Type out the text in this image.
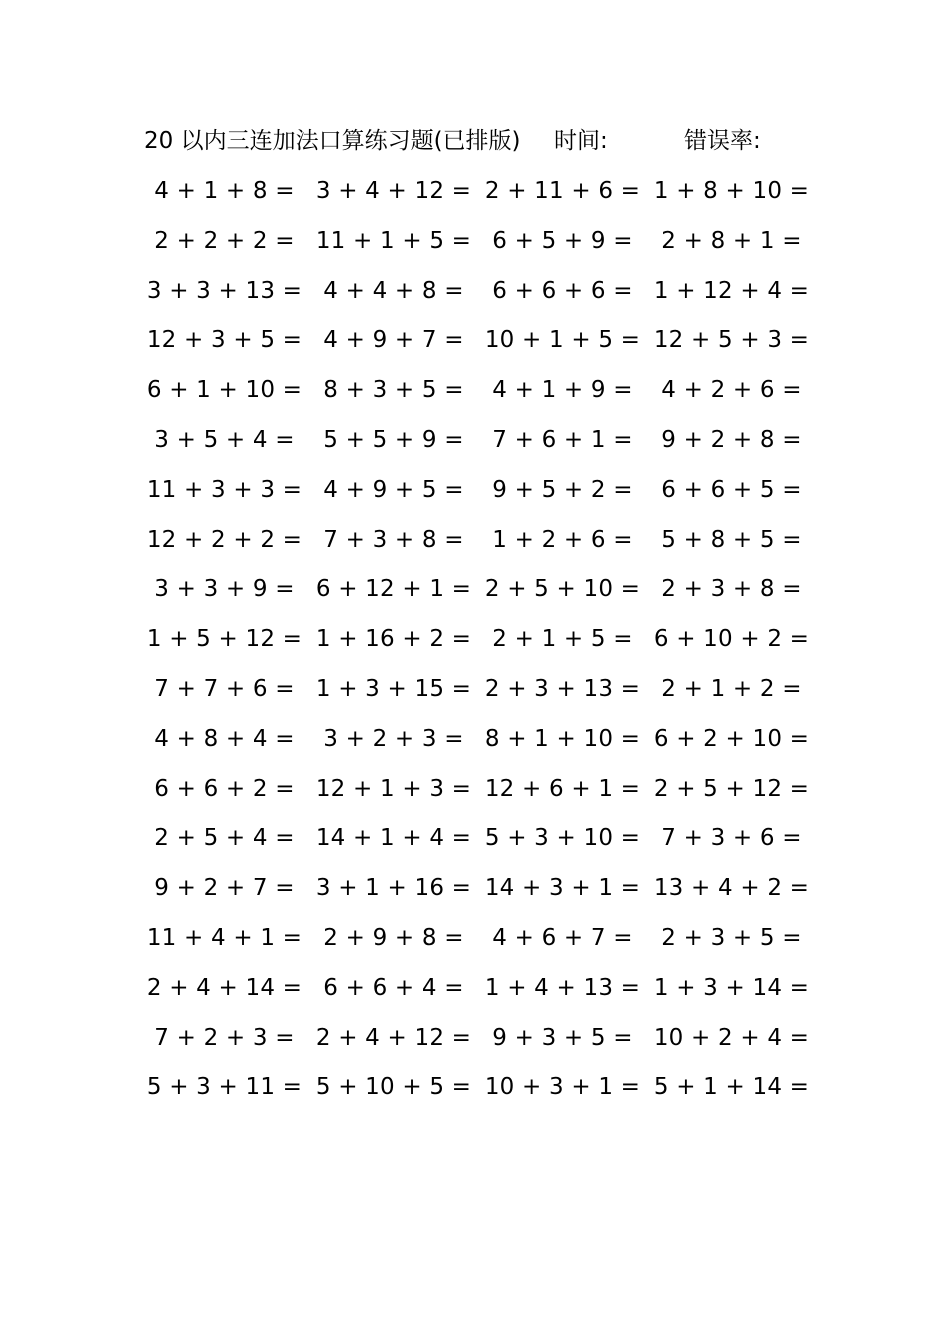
20 以内三连加法口算练习题(已排版) 时间:	错误率:
4 + 1 + 8 = 3 + 4 + 12 = 2 + 11 + 6 = 1 + 8 + 10 =
2 + 2 + 2 = 11 + 1 + 5 = 6 + 5 + 9 =	2 + 8 + 1 =
3 + 3 + 13 = 4 + 4 + 8 =	6 + 6 + 6 = 1 + 12 + 4 =
12 + 3 + 5 = 4 + 9 + 7 = 10 + 1 + 5 = 12 + 5 + 3 =
6 + 1 + 10 = 8 + 3 + 5 =	4 + 1 + 9 =	4 + 2 + 6 =
3 + 5 + 4 =	5 + 5 + 9 =	7 + 6 + 1 =	9 + 2 + 8 =
11 + 3 + 3 = 4 + 9 + 5 =	9 + 5 + 2 =	6 + 6 + 5 =
12 + 2 + 2 = 7 + 3 + 8 =	1 + 2 + 6 =	5 + 8 + 5 =
3 + 3 + 9 = 6 + 12 + 1 = 2 + 5 + 10 = 2 + 3 + 8 =
1 + 5 + 12 = 1 + 16 + 2 = 2 + 1 + 5 = 6 + 10 + 2 =
7 + 7 + 6 = 1 + 3 + 15 = 2 + 3 + 13 = 2 + 1 + 2 =
4 + 8 + 4 =	3 + 2 + 3 = 8 + 1 + 10 = 6 + 2 + 10 =
6 + 6 + 2 = 12 + 1 + 3 = 12 + 6 + 1 = 2 + 5 + 12 =
2 + 5 + 4 = 14 + 1 + 4 = 5 + 3 + 10 = 7 + 3 + 6 =
9 + 2 + 7 = 3 + 1 + 16 = 14 + 3 + 1 = 13 + 4 + 2 =
11 + 4 + 1 = 2 + 9 + 8 =	4 + 6 + 7 =	2 + 3 + 5 =
2 + 4 + 14 = 6 + 6 + 4 = 1 + 4 + 13 = 1 + 3 + 14 =
7 + 2 + 3 = 2 + 4 + 12 = 9 + 3 + 5 = 10 + 2 + 4 =
5 + 3 + 11 = 5 + 10 + 5 = 10 + 3 + 1 = 5 + 1 + 14 =
